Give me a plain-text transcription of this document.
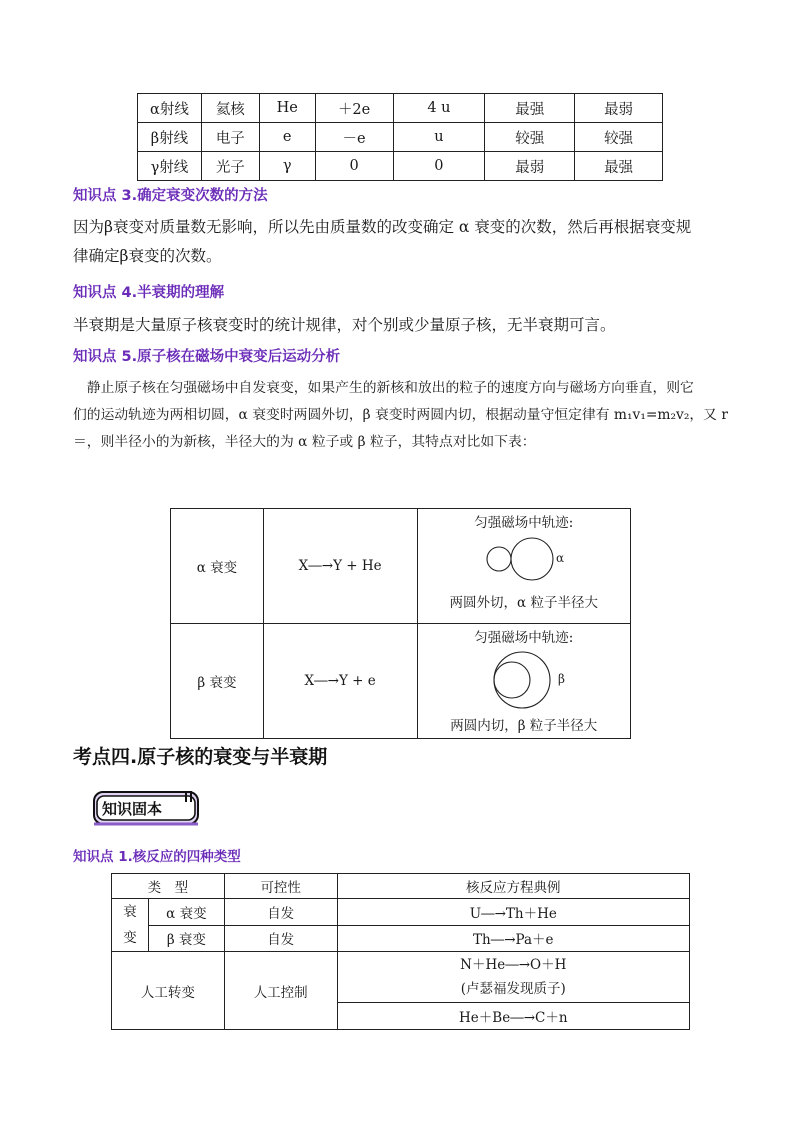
α射线	氦核	He	＋2e	4 u	最强	最弱
β射线	电子	e	－e	u	较强	较强
γ射线	光子	γ	0	0	最弱	最强
知识点 3.确定衰变次数的方法
因为β衰变对质量数无影响，所以先由质量数的改变确定 α 衰变的次数，然后再根据衰变规
律确定β衰变的次数。
知识点 4.半衰期的理解
半衰期是大量原子核衰变时的统计规律，对个别或少量原子核，无半衰期可言。
知识点 5.原子核在磁场中衰变后运动分析
　静止原子核在匀强磁场中自发衰变，如果产生的新核和放出的粒子的速度方向与磁场方向垂直，则它
们的运动轨迹为两相切圆，α 衰变时两圆外切，β 衰变时两圆内切，根据动量守恒定律有 m₁v₁=m₂v₂，又 r
＝，则半径小的为新核，半径大的为 α 粒子或 β 粒子，其特点对比如下表：
α 衰变	X―→Y + He	匀强磁场中轨迹:
α
两圆外切，α 粒子半径大

β 衰变	X―→Y + e	匀强磁场中轨迹:
β
两圆内切，β 粒子半径大
考点四.原子核的衰变与半衰期
知识固本
知识点 1.核反应的四种类型
类　型		可控性	核反应方程典例

衰
变	α 衰变	自发	U―→Th＋He
	β 衰变	自发	Th―→Pa＋e
人工转变		人工控制	N＋He―→O＋H
(卢瑟福发现质子)

			He＋Be―→C＋n
